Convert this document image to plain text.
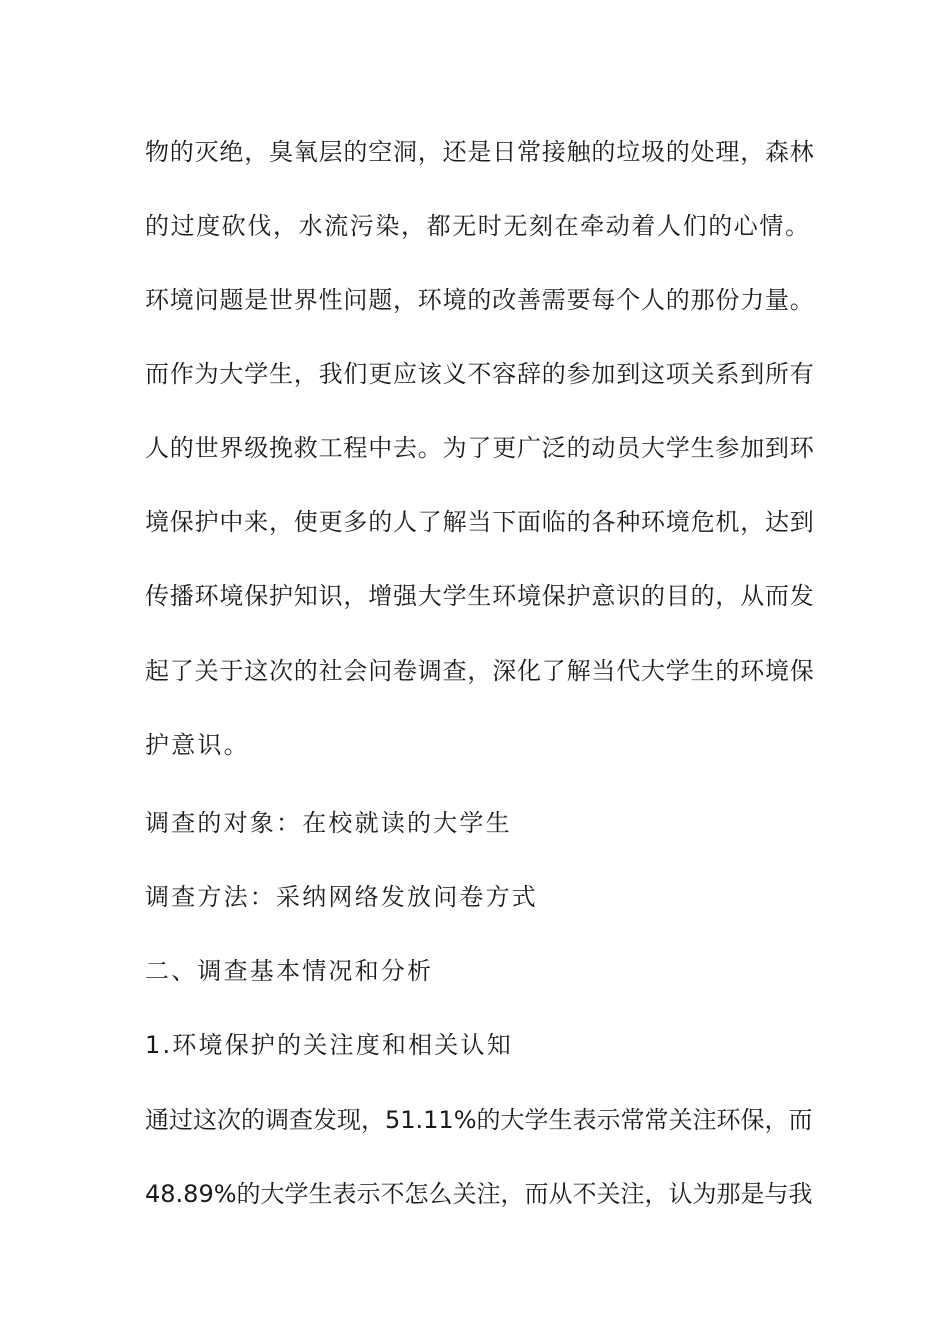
物的灭绝，臭氧层的空洞，还是日常接触的垃圾的处理，森林
的过度砍伐，水流污染，都无时无刻在牵动着人们的心情。
环境问题是世界性问题，环境的改善需要每个人的那份力量。
而作为大学生，我们更应该义不容辞的参加到这项关系到所有
人的世界级挽救工程中去。为了更广泛的动员大学生参加到环
境保护中来，使更多的人了解当下面临的各种环境危机，达到
传播环境保护知识，增强大学生环境保护意识的目的，从而发
起了关于这次的社会问卷调查，深化了解当代大学生的环境保
护意识。
调查的对象：在校就读的大学生
调查方法：采纳网络发放问卷方式
二、调查基本情况和分析
1.环境保护的关注度和相关认知
通过这次的调查发现，51.11%的大学生表示常常关注环保，而
48.89%的大学生表示不怎么关注，而从不关注，认为那是与我
